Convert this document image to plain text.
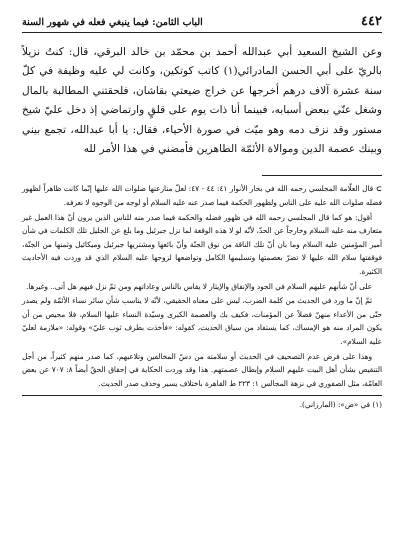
٤٤٢
الباب الثامن: فيما ينبغي فعله في شهور السنة

وعن الشيخ السعيد أبي عبدالله أحمد بن محمّد بن خالد البرقي، قال: كنتُ نزيلاً بالريّ على أبي الحسن المادرائي(١) كاتب كوتكين، وكانت لي عليه وظيفة في كلّ سنة عشرة آلاف درهم أخرجها عن خراج ضيعتي بقاشان، فلحقتني المطالبة بالمال وشغل عنّي ببعض أسبابه، فبينما أنا ذات يوم على قلقٍ وارتماضي إذ دخل عليّ شيخ مستور وقد نزف دمه وهو ميّت في صورة الأحياء، فقال: يا أبا عبدالله، تجمع بيني وبينك عصمة الدين وموالاة الأئمّة الطاهرين فأمضني في هذا الأمر لله

⊃ قال العلّامة المجلسي رحمه الله في بحار الأنوار ٤١: ٤٤ - ٤٧: لعلّ منازعتها صلوات الله عليها إنّما كانت ظاهراً لظهور فضله صلوات الله عليه على الناس ولظهور الحكمة فيما صدر عنه عليه السلام أو لوجه من الوجوه لا نعرفه.

أقول: هو كما قال المجلسي رحمه الله في ظهور فضله والحكمة فيما صدر منه للناس الذين يرون أنّ هذا العمل غير متعارف منه عليه السلام وخارجاً عن الحدّ، لأنّه لو لا هذه الوقعة لما نزل جبرئيل وما بلغ عن الجليل تلك الكلمات في شأن أمير المؤمنين عليه السلام وما بان أنّ تلك الناقة من نوق الجنّة وأنّ بائعها ومشتريها جبرئيل وميكائيل وثمنها من الجنّة، فوقفتها سلام الله عليها لا تضرّ بعصمتها وتسليمها الكامل وتواضعها لزوجها عليه السلام الذي قد وردت فيه الأحاديث الكثيرة.

على أنّ شأنهم عليهم السلام في الجود والإنفاق والإيثار لا يقاس بالناس وعاداتهم ومن ثمّ نزل فيهم هل أتى.. وغيرها.

ثمّ إنّ ما ورد في الحديث من كلمة الضرب، ليس على معناه الحقيقي، لأنّه لا يناسب شأن سائر نساء الأئمّة ولم يصدر حتّى من الأعداء منهنّ فضلاً عن المؤمنات، فكيف بك والعصمة الكبرى وسيّدة النساء عليها السلام، فلا محيص من أن يكون المراد منه هو الإمساك، كما يستفاد من سياق الحديث، كقوله: «فأخذت بطرف ثوب عليّ» وقوله: «ملازمة لعليّ عليه السلام».

وهذا على فرض عدم التصحيف في الحديث أو سلامته من دسّ المخالفين وتلاعبهم، كما صدر منهم كثيراً، من أجل التنقيص بشأن أهل البيت عليهم السلام وإبطال عصمتهم. هذا وقد وردت الحكاية في إحقاق الحقّ أيضاً ٨: ٧٠٧ عن بعض العامّة، مثل الصفوري في نزهة المجالس ١: ٢٢٣ ط القاهرة باختلاف يسير وحذف صدر الحديث.

(١) في «ض»: (المارزاني).
